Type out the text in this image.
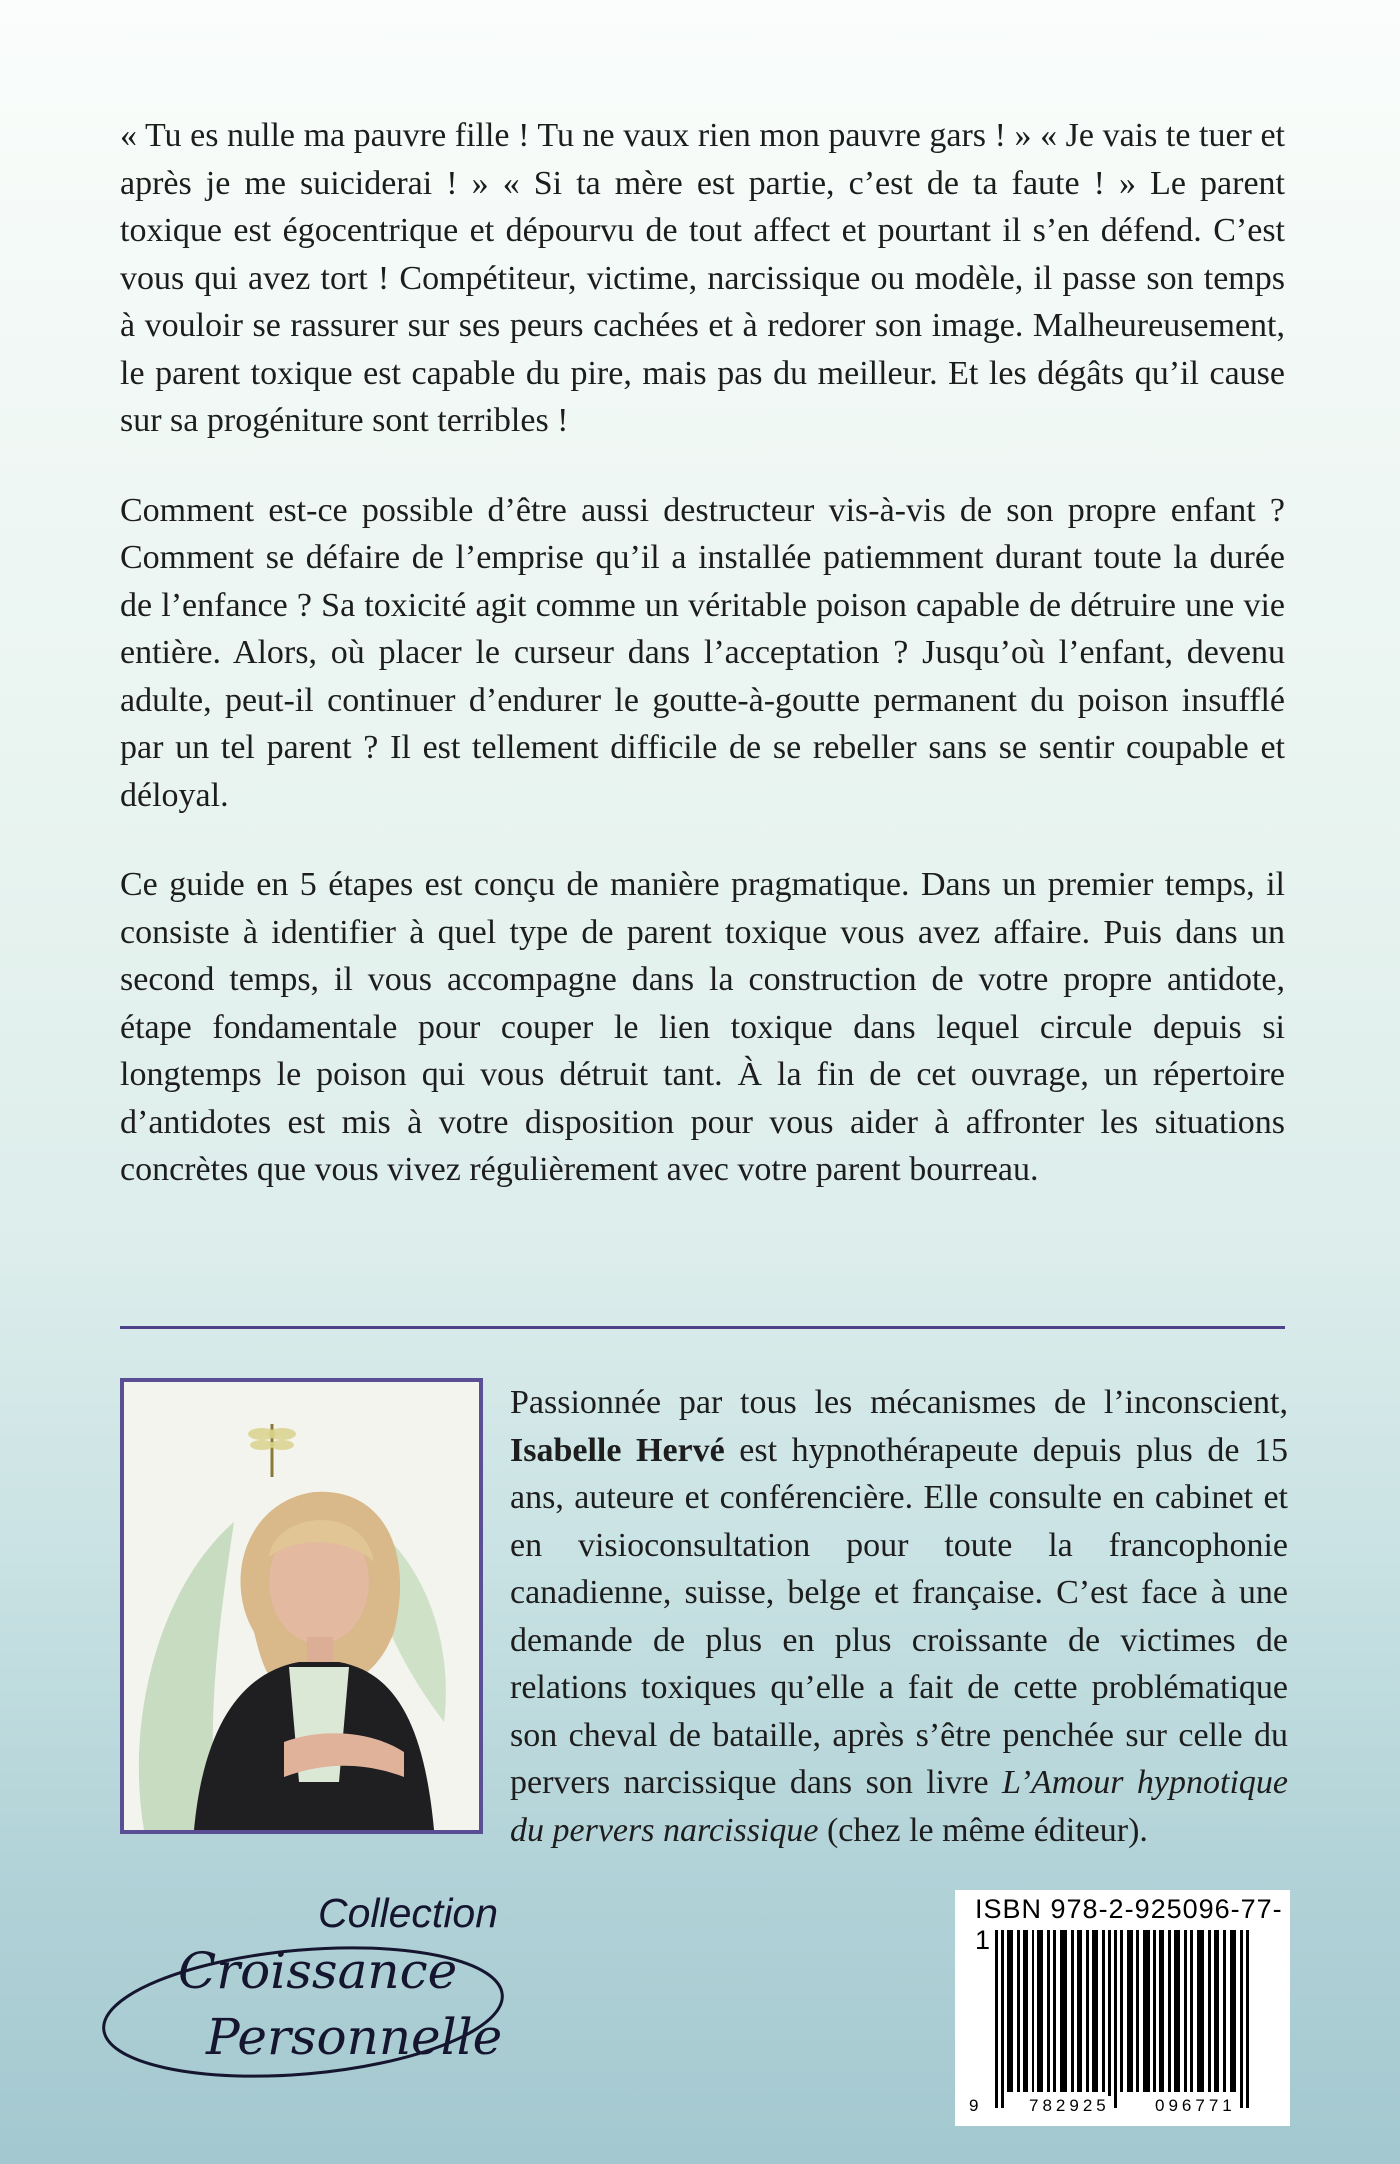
« Tu es nulle ma pauvre fille ! Tu ne vaux rien mon pauvre gars ! » « Je vais te tuer et après je me suiciderai ! » « Si ta mère est partie, c’est de ta faute ! » Le parent toxique est égocentrique et dépourvu de tout affect et pourtant il s’en défend. C’est vous qui avez tort ! Compétiteur, victime, narcissique ou modèle, il passe son temps à vouloir se rassurer sur ses peurs cachées et à redorer son image. Malheureusement, le parent toxique est capable du pire, mais pas du meilleur. Et les dégâts qu’il cause sur sa progéniture sont terribles !

Comment est-ce possible d’être aussi destructeur vis-à-vis de son propre enfant ? Comment se défaire de l’emprise qu’il a installée patiemment durant toute la durée de l’enfance ? Sa toxicité agit comme un véritable poison capable de détruire une vie entière. Alors, où placer le curseur dans l’acceptation ? Jusqu’où l’enfant, devenu adulte, peut-il continuer d’endurer le goutte-à-goutte permanent du poison insufflé par un tel parent ? Il est tellement difficile de se rebeller sans se sentir coupable et déloyal.

Ce guide en 5 étapes est conçu de manière pragmatique. Dans un premier temps, il consiste à identifier à quel type de parent toxique vous avez affaire. Puis dans un second temps, il vous accompagne dans la construction de votre propre antidote, étape fondamentale pour couper le lien toxique dans lequel circule depuis si longtemps le poison qui vous détruit tant. À la fin de cet ouvrage, un répertoire d’antidotes est mis à votre disposition pour vous aider à affronter les situations concrètes que vous vivez régulièrement avec votre parent bourreau.

Passionnée par tous les mécanismes de l’inconscient, Isabelle Hervé est hypnothérapeute depuis plus de 15 ans, auteure et conférencière. Elle consulte en cabinet et en visioconsultation pour toute la francophonie canadienne, suisse, belge et française. C’est face à une demande de plus en plus croissante de victimes de relations toxiques qu’elle a fait de cette problématique son cheval de bataille, après s’être penchée sur celle du pervers narcissique dans son livre L’Amour hypnotique du pervers narcissique (chez le même éditeur).

Collection
Croissance
Personnelle
ISBN 978-2-925096-77-1
9	782925	096771
